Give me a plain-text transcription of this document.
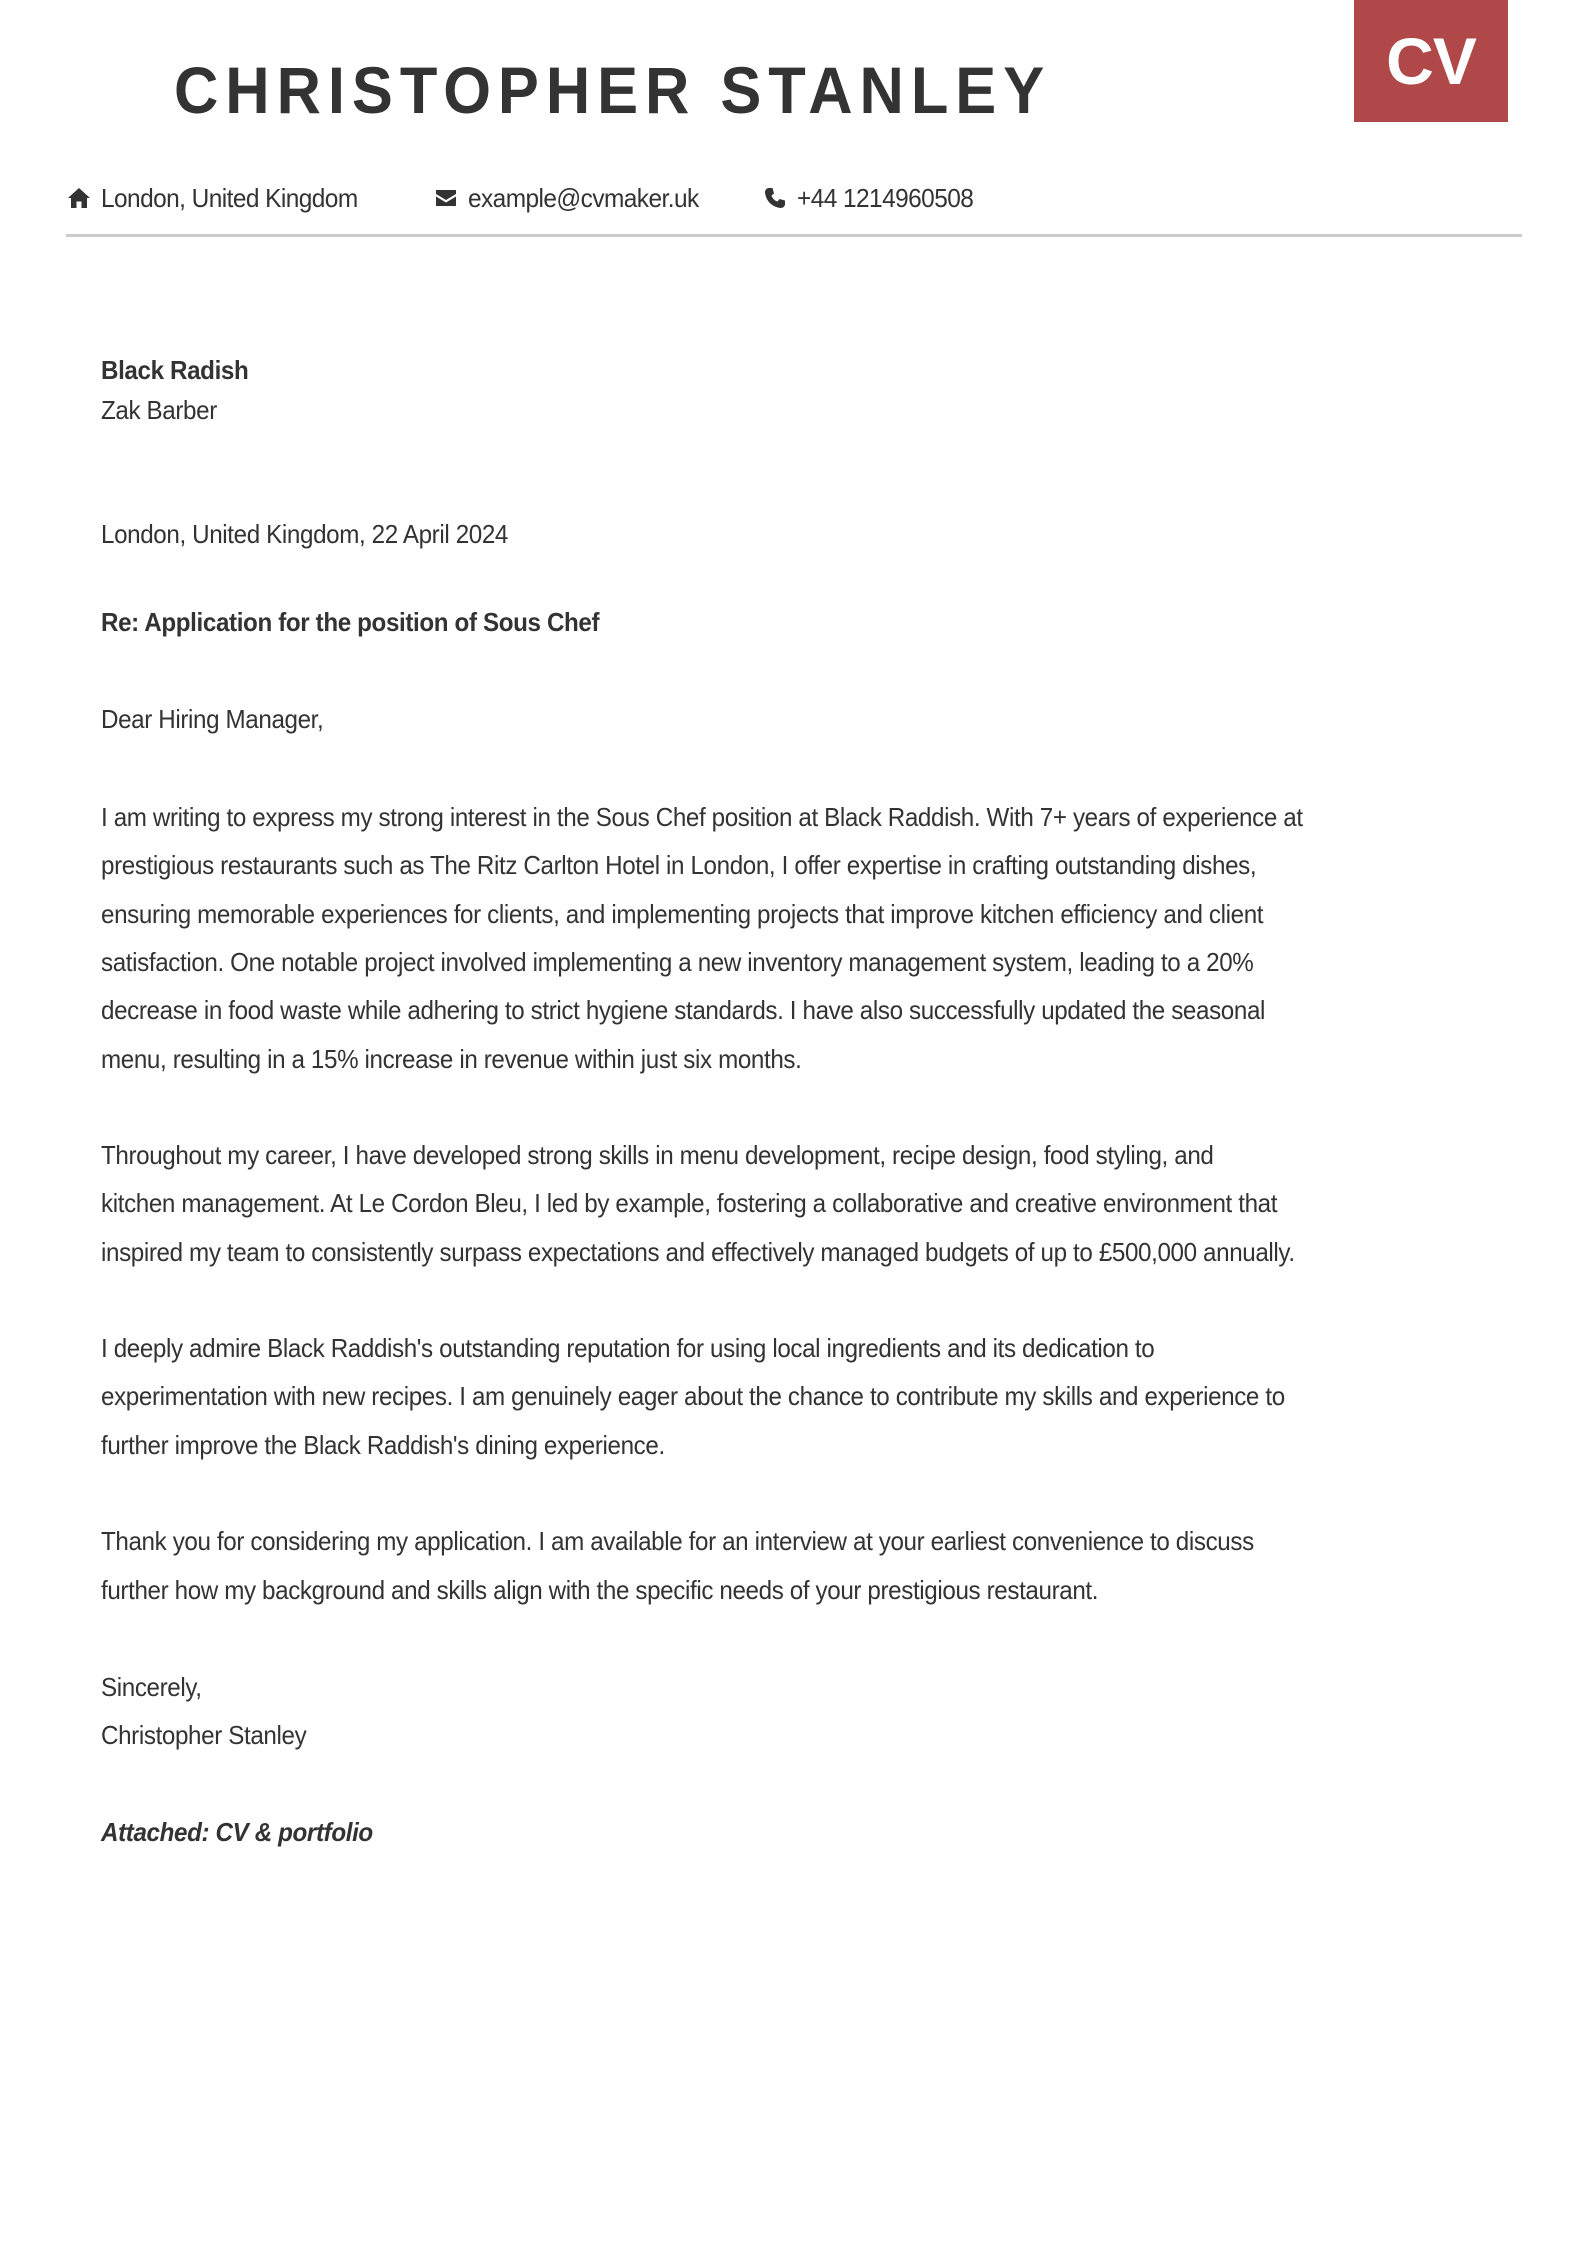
CHRISTOPHER STANLEY	CV
London, United Kingdom	example@cvmaker.uk	+44 1214960508
Black Radish
Zak Barber
London, United Kingdom, 22 April 2024
Re: Application for the position of Sous Chef
Dear Hiring Manager,
I am writing to express my strong interest in the Sous Chef position at Black Raddish. With 7+ years of experience at
prestigious restaurants such as The Ritz Carlton Hotel in London, I offer expertise in crafting outstanding dishes,
ensuring memorable experiences for clients, and implementing projects that improve kitchen efficiency and client
satisfaction. One notable project involved implementing a new inventory management system, leading to a 20%
decrease in food waste while adhering to strict hygiene standards. I have also successfully updated the seasonal
menu, resulting in a 15% increase in revenue within just six months.
Throughout my career, I have developed strong skills in menu development, recipe design, food styling, and
kitchen management. At Le Cordon Bleu, I led by example, fostering a collaborative and creative environment that
inspired my team to consistently surpass expectations and effectively managed budgets of up to £500,000 annually.
I deeply admire Black Raddish's outstanding reputation for using local ingredients and its dedication to
experimentation with new recipes. I am genuinely eager about the chance to contribute my skills and experience to
further improve the Black Raddish's dining experience.
Thank you for considering my application. I am available for an interview at your earliest convenience to discuss
further how my background and skills align with the specific needs of your prestigious restaurant.
Sincerely,
Christopher Stanley
Attached: CV & portfolio
